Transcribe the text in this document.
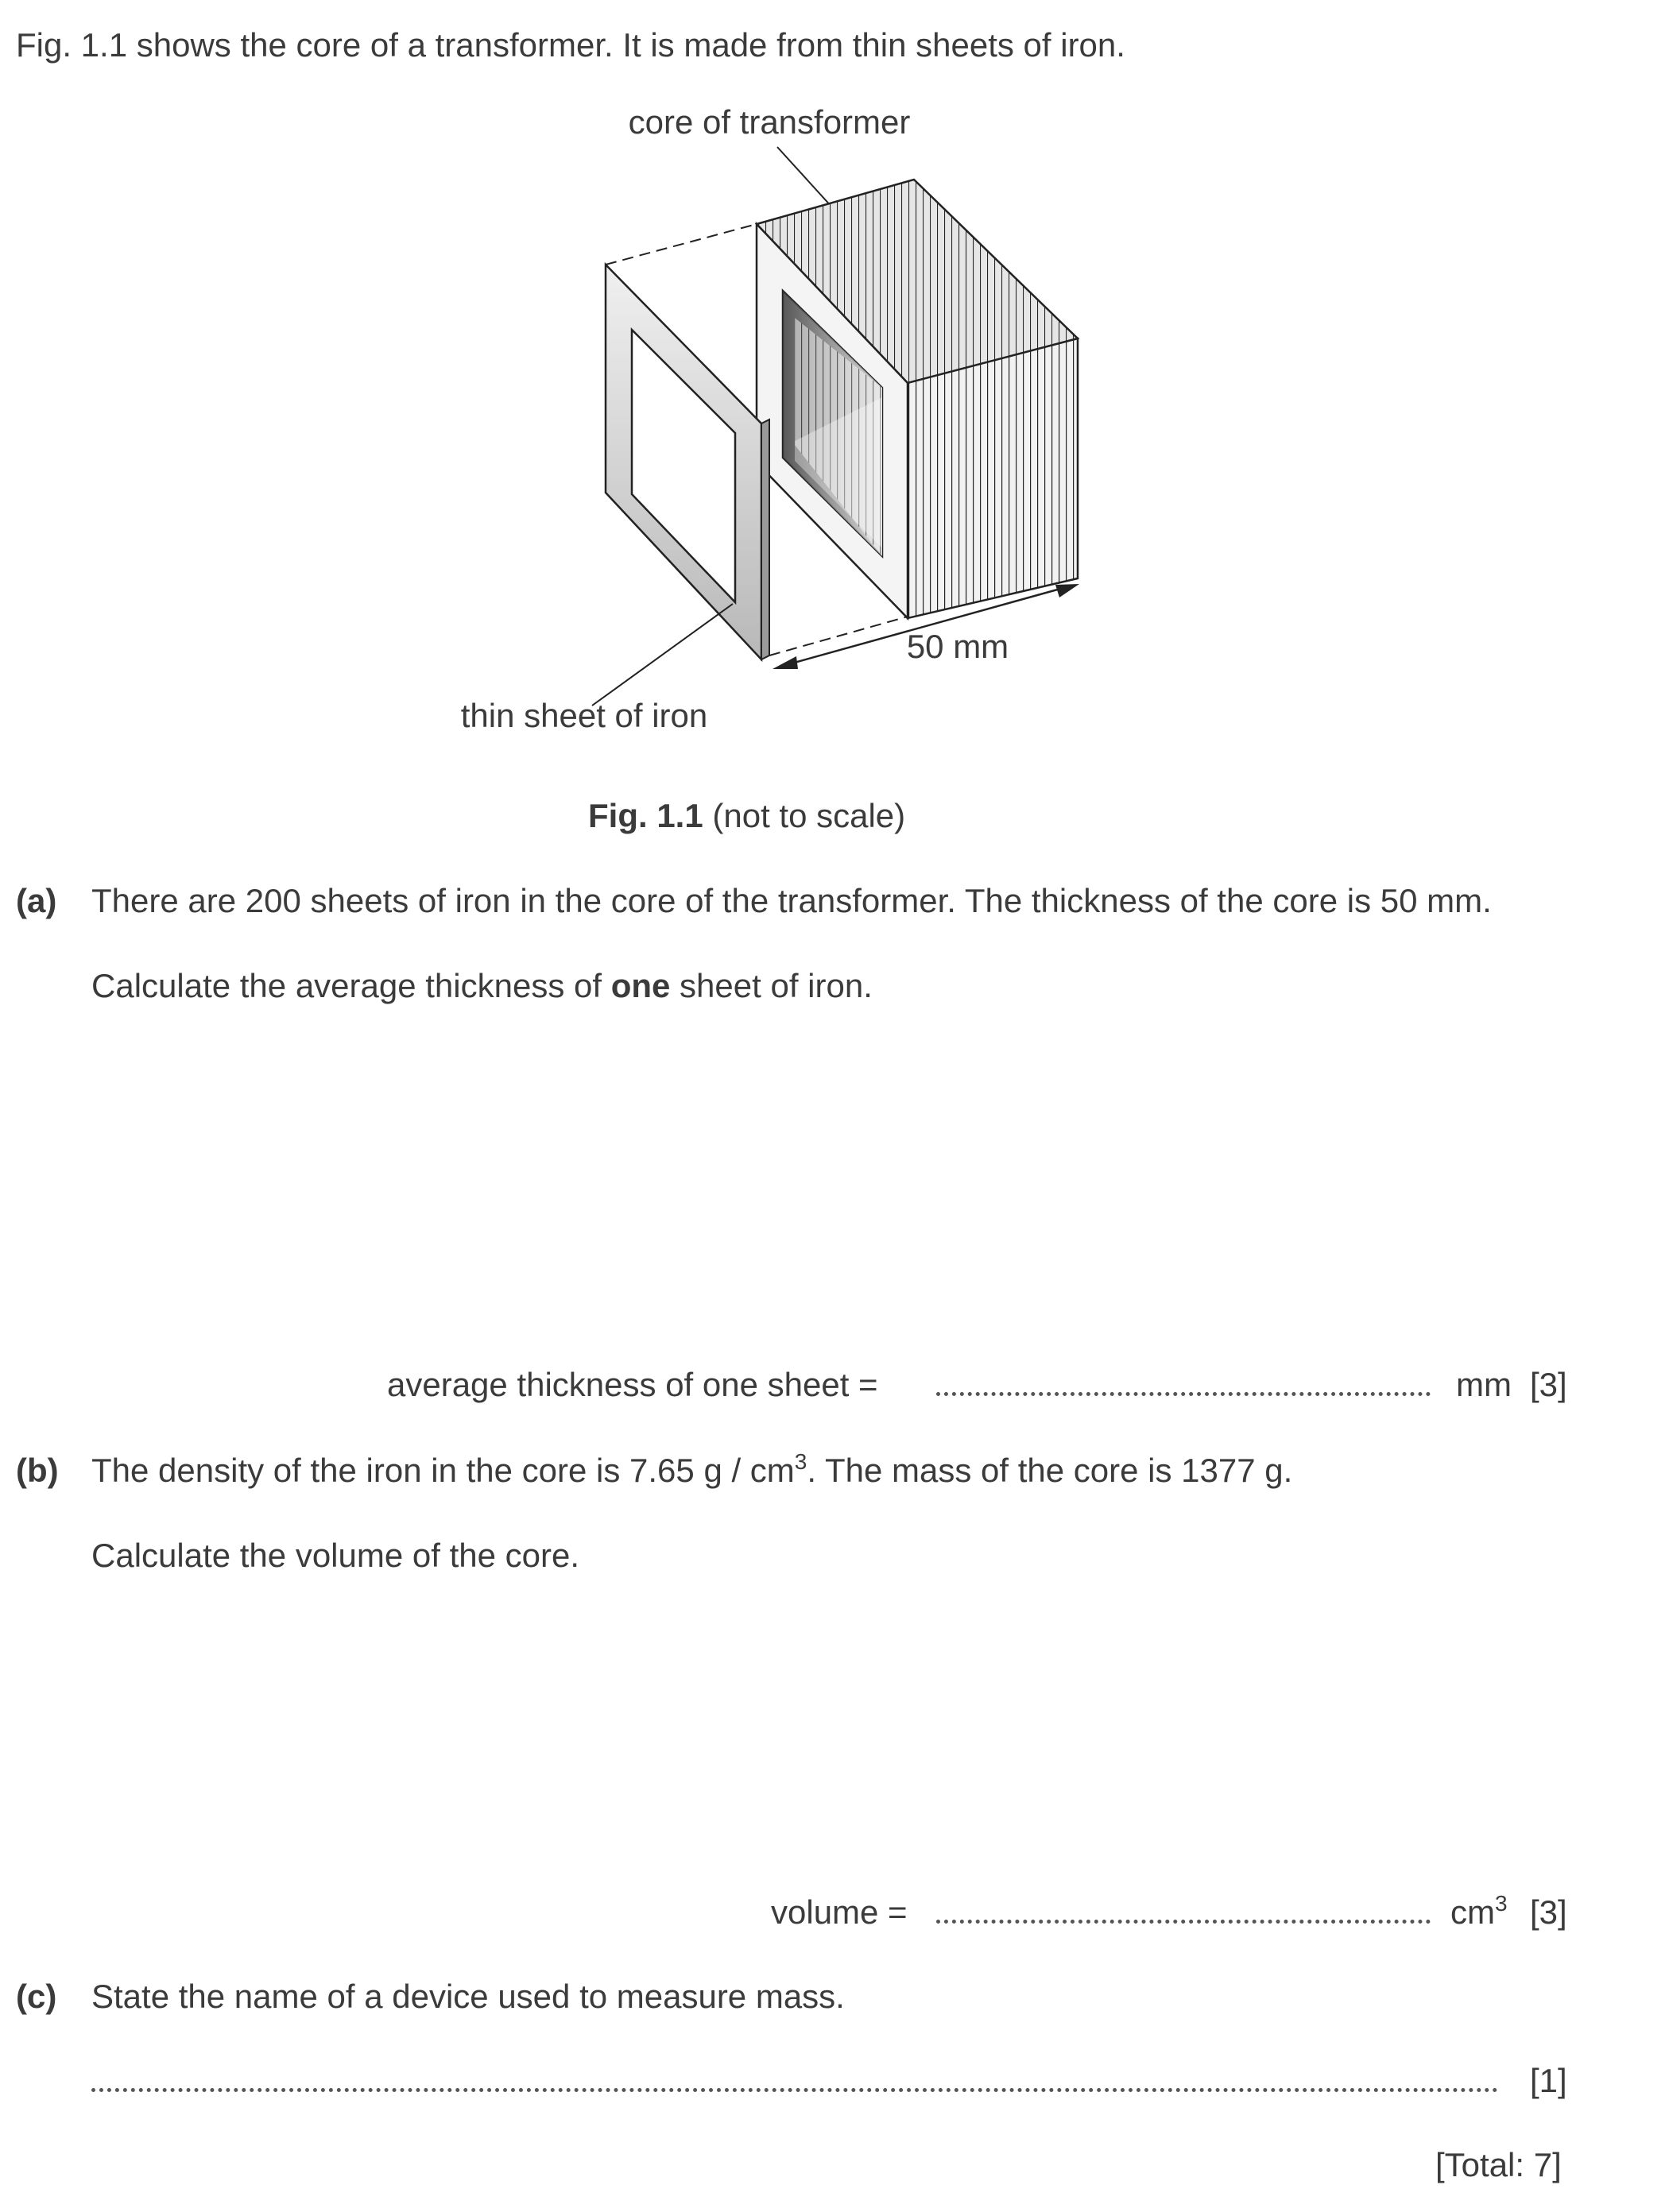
Fig. 1.1 shows the core of a transformer. It is made from thin sheets of iron.
core of transformer
thin sheet of iron
50 mm
Fig. 1.1 (not to scale)
(a) There are 200 sheets of iron in the core of the transformer. The thickness of the core is 50 mm.
Calculate the average thickness of one sheet of iron.
average thickness of one sheet =	mm [3]
(b) The density of the iron in the core is 7.65 g / $cm^3$. The mass of the core is 1377 g.
Calculate the volume of the core.
volume =	$cm^3$ [3]
(c) State the name of a device used to measure mass.
[1]
[Total: 7]
